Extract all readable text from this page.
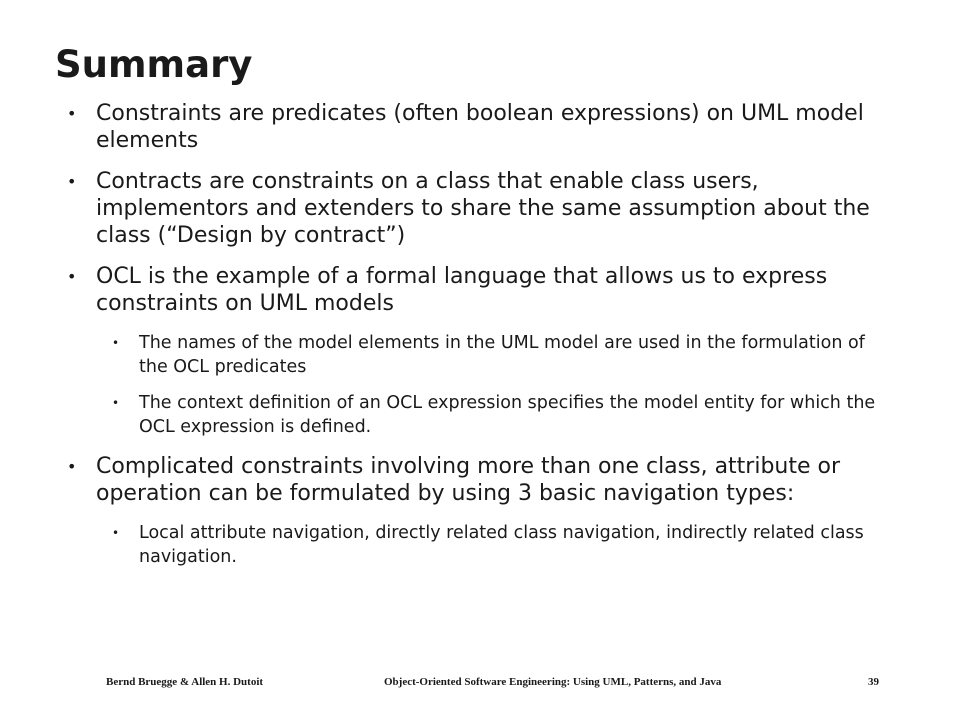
Summary
• Constraints are predicates (often boolean expressions) on UML model elements
• Contracts are constraints on a class that enable class users, implementors and extenders to share the same assumption about the class (“Design by contract”)
• OCL is the example of a formal language that allows us to express constraints on UML models
• The names of the model elements in the UML model are used in the formulation of the OCL predicates
• The context definition of an OCL expression specifies the model entity for which the OCL expression is defined.
• Complicated constraints involving more than one class, attribute or operation can be formulated by using 3 basic navigation types:
• Local attribute navigation, directly related class navigation, indirectly related class navigation.
Bernd Bruegge & Allen H. Dutoit	Object-Oriented Software Engineering: Using UML, Patterns, and Java	39
